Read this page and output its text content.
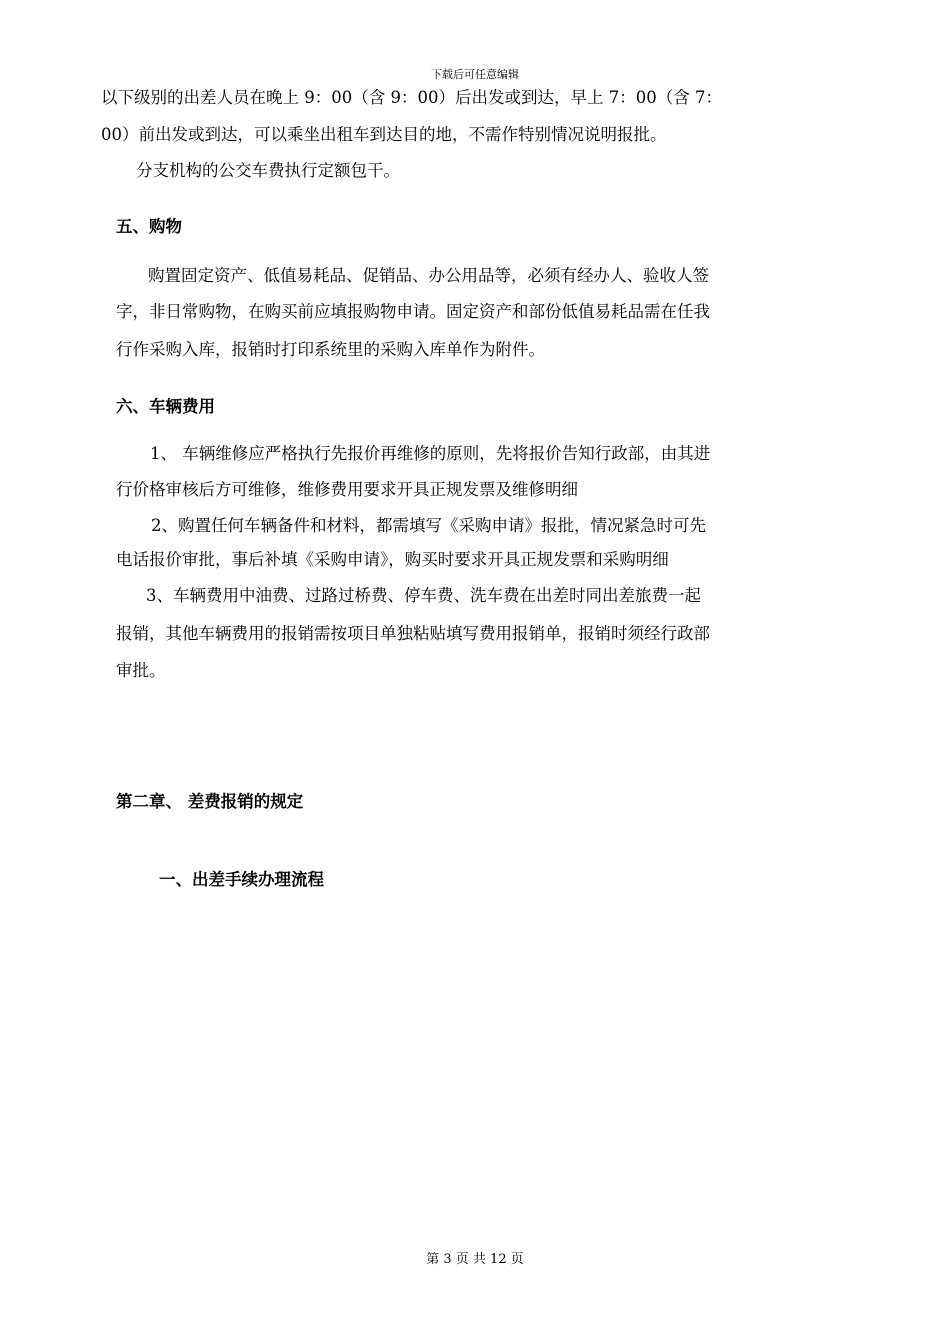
下载后可任意编辑
以下级别的出差人员在晚上 9：00（含 9：00）后出发或到达，早上 7：00（含 7：
00）前出发或到达，可以乘坐出租车到达目的地，不需作特别情况说明报批。
分支机构的公交车费执行定额包干。
五、购物
购置固定资产、低值易耗品、促销品、办公用品等，必须有经办人、验收人签
字，非日常购物，在购买前应填报购物申请。固定资产和部份低值易耗品需在任我
行作采购入库，报销时打印系统里的采购入库单作为附件。
六、车辆费用
1、 车辆维修应严格执行先报价再维修的原则，先将报价告知行政部，由其进
行价格审核后方可维修，维修费用要求开具正规发票及维修明细
2、购置任何车辆备件和材料，都需填写《采购申请》报批，情况紧急时可先
电话报价审批，事后补填《采购申请》，购买时要求开具正规发票和采购明细
3、车辆费用中油费、过路过桥费、停车费、洗车费在出差时同出差旅费一起
报销，其他车辆费用的报销需按项目单独粘贴填写费用报销单，报销时须经行政部
审批。
第二章、 差费报销的规定
一、出差手续办理流程
第 3 页 共 12 页
